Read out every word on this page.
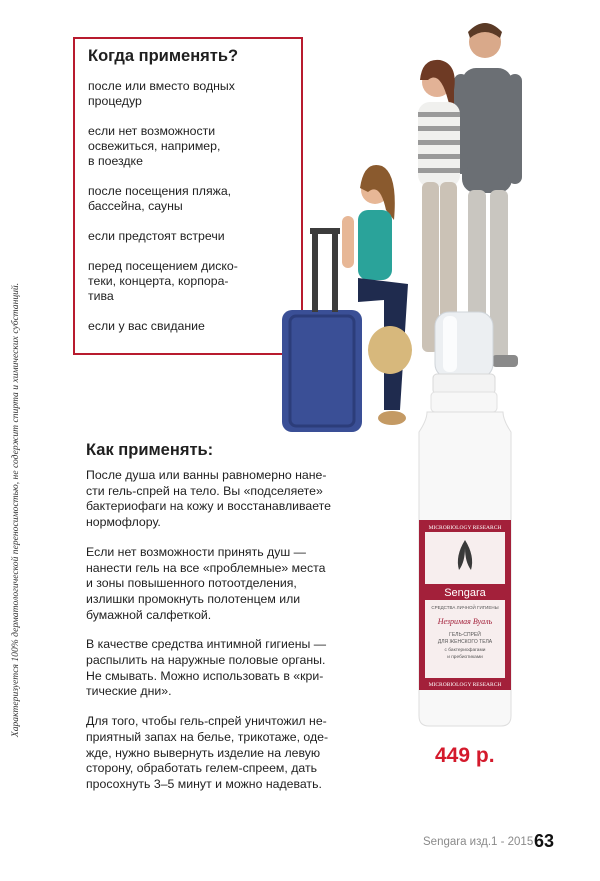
Характеризуется 100% дерматологической переносимостью, не содержит спирта и химических субстанций.
Когда применять?
после или вместо водных
процедур
если нет возможности
освежиться, например,
в поездке
после посещения пляжа,
бассейна, сауны
если предстоят встречи
перед посещением диско-
теки, концерта, корпора-
тива
если у вас свидание
Как применять:
После душа или ванны равномерно нане-
сти гель-спрей на тело. Вы «подселяете»
бактериофаги на кожу и восстанавливаете
нормофлору.
Если нет возможности принять душ —
нанести гель на все «проблемные» места
и зоны повышенного потоотделения,
излишки промокнуть полотенцем или
бумажной салфеткой.
В качестве средства интимной гигиены —
распылить на наружные половые органы.
Не смывать. Можно использовать в «кри-
тические дни».
Для того, чтобы гель-спрей уничтожил не-
приятный запах на белье, трикотаже, оде-
жде, нужно вывернуть изделие на левую
сторону, обработать гелем-спреем, дать
просохнуть 3–5 минут и можно надевать.
MICROBIOLOGY RESEARCH
Sengara
СРЕДСТВА ЛИЧНОЙ ГИГИЕНЫ
Незримая Вуаль
ГЕЛЬ-СПРЕЙ
ДЛЯ ЖЕНСКОГО ТЕЛА
с бактериофагами
и пребиотиками
MICROBIOLOGY RESEARCH
449 р.
Sengara изд.1 - 2015 63
